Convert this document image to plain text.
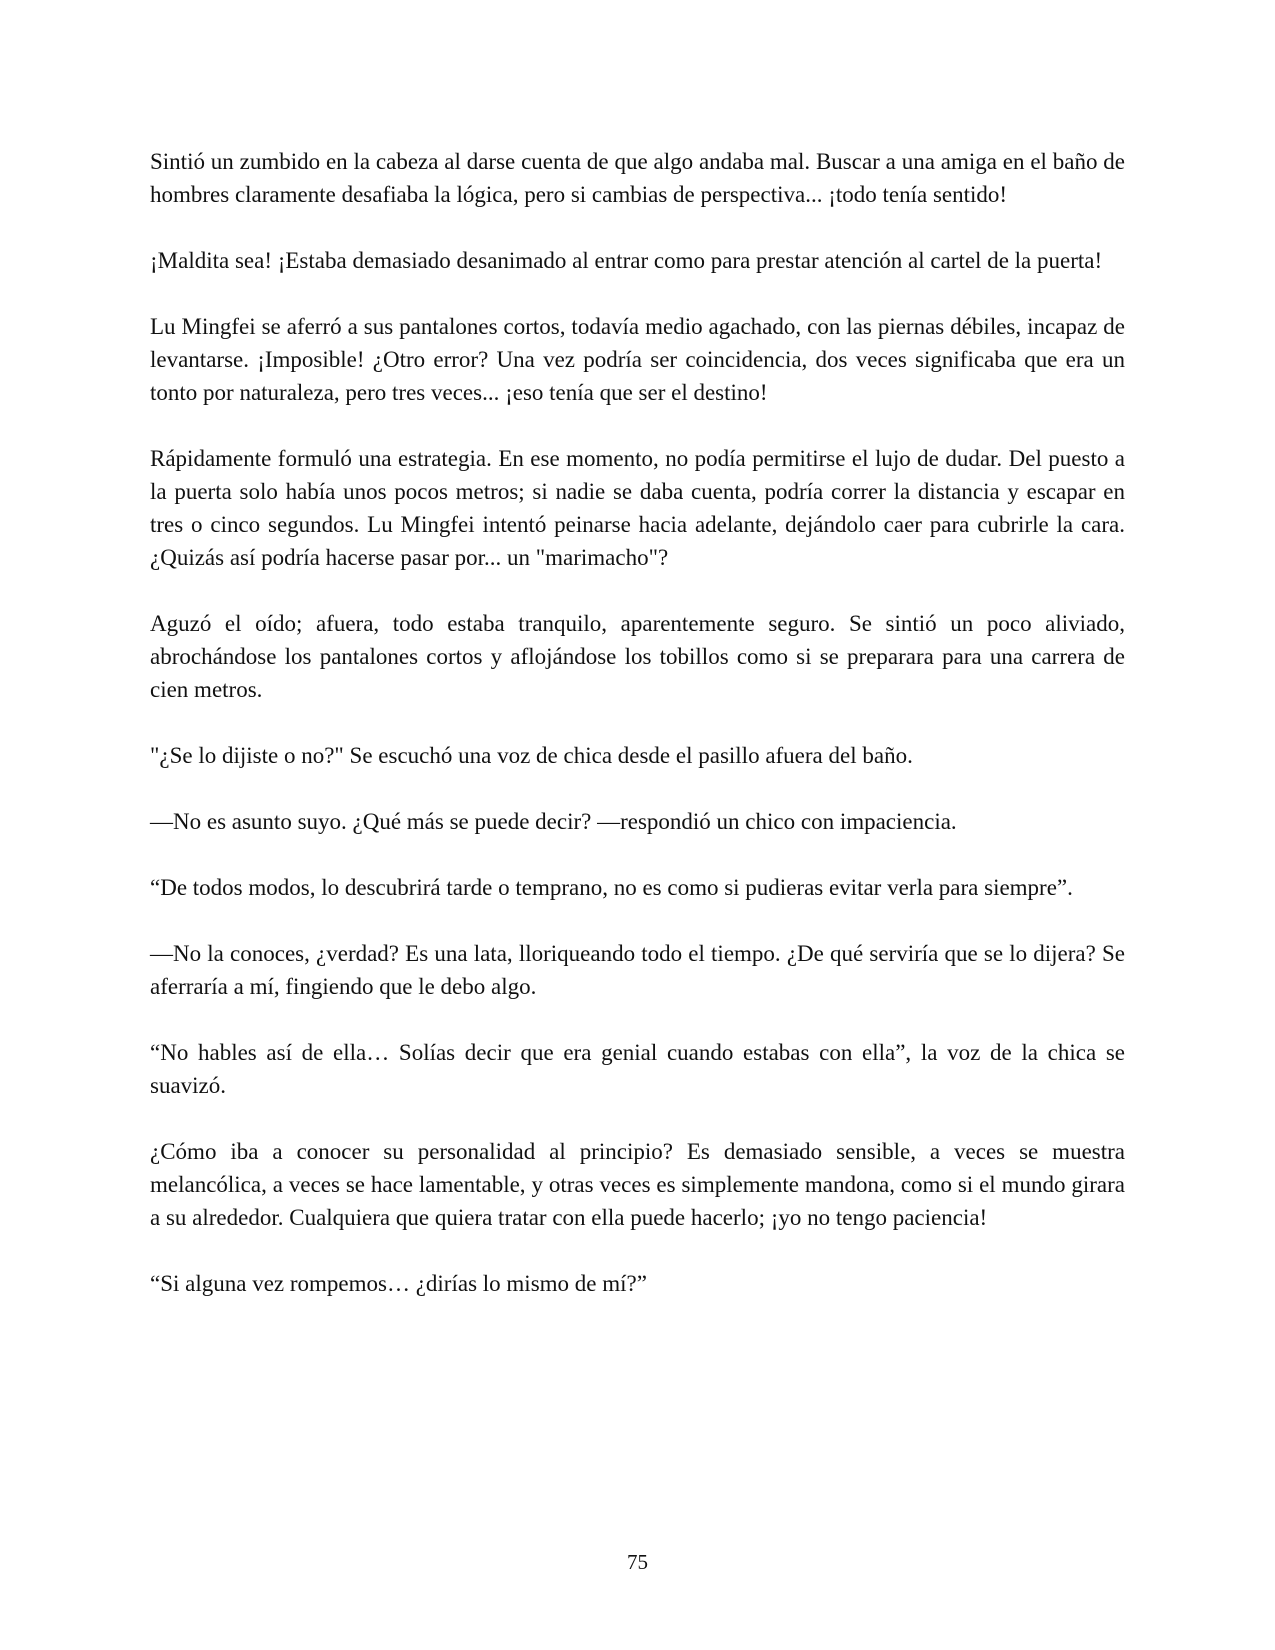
Sintió un zumbido en la cabeza al darse cuenta de que algo andaba mal. Buscar a una amiga en el baño de hombres claramente desafiaba la lógica, pero si cambias de perspectiva... ¡todo tenía sentido!

¡Maldita sea! ¡Estaba demasiado desanimado al entrar como para prestar atención al cartel de la puerta!

Lu Mingfei se aferró a sus pantalones cortos, todavía medio agachado, con las piernas débiles, incapaz de levantarse. ¡Imposible! ¿Otro error? Una vez podría ser coincidencia, dos veces significaba que era un tonto por naturaleza, pero tres veces... ¡eso tenía que ser el destino!

Rápidamente formuló una estrategia. En ese momento, no podía permitirse el lujo de dudar. Del puesto a la puerta solo había unos pocos metros; si nadie se daba cuenta, podría correr la distancia y escapar en tres o cinco segundos. Lu Mingfei intentó peinarse hacia adelante, dejándolo caer para cubrirle la cara. ¿Quizás así podría hacerse pasar por... un "marimacho"?

Aguzó el oído; afuera, todo estaba tranquilo, aparentemente seguro. Se sintió un poco aliviado, abrochándose los pantalones cortos y aflojándose los tobillos como si se preparara para una carrera de cien metros.

"¿Se lo dijiste o no?" Se escuchó una voz de chica desde el pasillo afuera del baño.

—No es asunto suyo. ¿Qué más se puede decir? —respondió un chico con impaciencia.

“De todos modos, lo descubrirá tarde o temprano, no es como si pudieras evitar verla para siempre”.

—No la conoces, ¿verdad? Es una lata, lloriqueando todo el tiempo. ¿De qué serviría que se lo dijera? Se aferraría a mí, fingiendo que le debo algo.

“No hables así de ella… Solías decir que era genial cuando estabas con ella”, la voz de la chica se suavizó.

¿Cómo iba a conocer su personalidad al principio? Es demasiado sensible, a veces se muestra melancólica, a veces se hace lamentable, y otras veces es simplemente mandona, como si el mundo girara a su alrededor. Cualquiera que quiera tratar con ella puede hacerlo; ¡yo no tengo paciencia!

“Si alguna vez rompemos… ¿dirías lo mismo de mí?”

75
